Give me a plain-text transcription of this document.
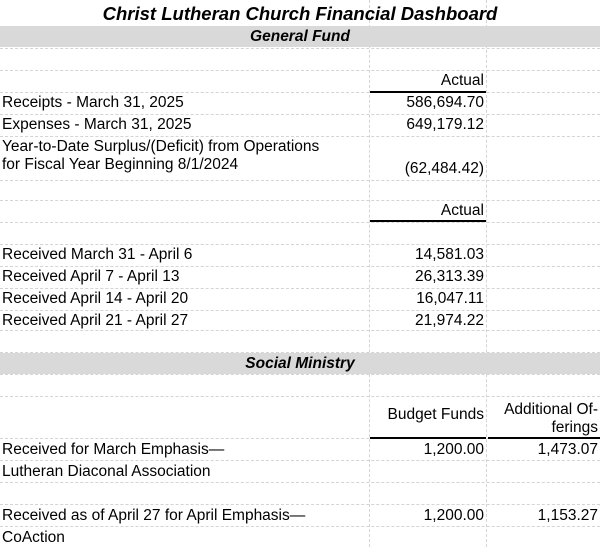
Christ Lutheran Church Financial Dashboard
General Fund
Actual
Receipts - March 31, 2025	586,694.70
Expenses - March 31, 2025	649,179.12
Year-to-Date Surplus/(Deficit) from Operations
for Fiscal Year Beginning 8/1/2024	(62,484.42)
Actual
Received March 31 - April 6	14,581.03
Received April 7 - April 13	26,313.39
Received April 14 - April 20	16,047.11
Received April 21 - April 27	21,974.22
Social Ministry
Budget Funds	Additional Of-
ferings
Received for March Emphasis—
Lutheran Diaconal Association
1,200.00	1,473.07
Received as of April 27 for April Emphasis—
CoAction
1,200.00	1,153.27
